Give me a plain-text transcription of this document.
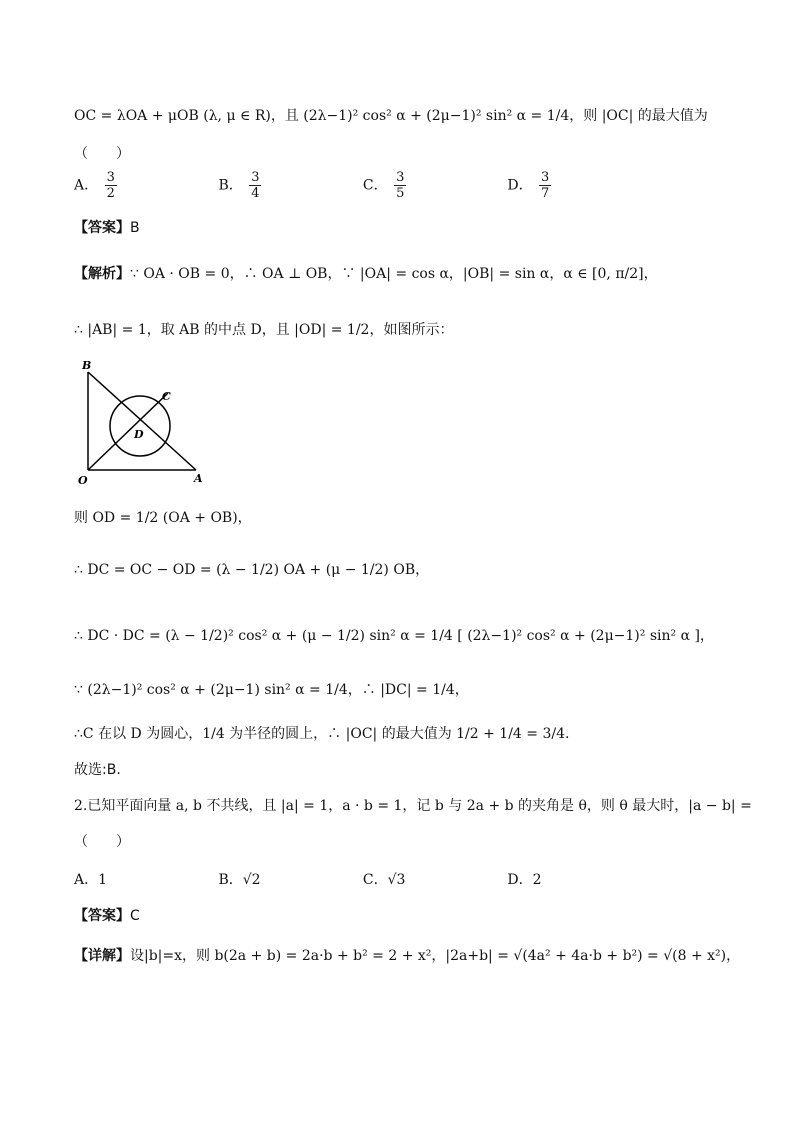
OC = λOA + μOB (λ, μ ∈ R)，且 (2λ−1)² cos² α + (2μ−1)² sin² α = 1/4，则 |OC| 的最大值为
（　　）
A． $\frac{3}{2}$	B． $\frac{3}{4}$	C． $\frac{3}{5}$	D． $\frac{3}{7}$
【答案】B
【解析】∵ OA · OB = 0，∴ OA ⊥ OB，∵ |OA| = cos α，|OB| = sin α，α ∈ [0, π/2]，
∴ |AB| = 1，取 AB 的中点 D，且 |OD| = 1/2，如图所示：
B
C
D
O	A
则 OD = 1/2 (OA + OB)，
∴ DC = OC − OD = (λ − 1/2) OA + (μ − 1/2) OB，
∴ DC · DC = (λ − 1/2)² cos² α + (μ − 1/2) sin² α = 1/4 [ (2λ−1)² cos² α + (2μ−1)² sin² α ]，
∵ (2λ−1)² cos² α + (2μ−1) sin² α = 1/4，∴ |DC| = 1/4，
∴C 在以 D 为圆心，1/4 为半径的圆上，∴ |OC| 的最大值为 1/2 + 1/4 = 3/4.
故选:B.
2.已知平面向量 a, b 不共线，且 |a| = 1，a · b = 1，记 b 与 2a + b 的夹角是 θ，则 θ 最大时，|a − b| =
（　　）
A．1	B．√2	C．√3	D．2
【答案】C
【详解】设|b|=x，则 b(2a + b) = 2a·b + b² = 2 + x²，|2a+b| = √(4a² + 4a·b + b²) = √(8 + x²)，
